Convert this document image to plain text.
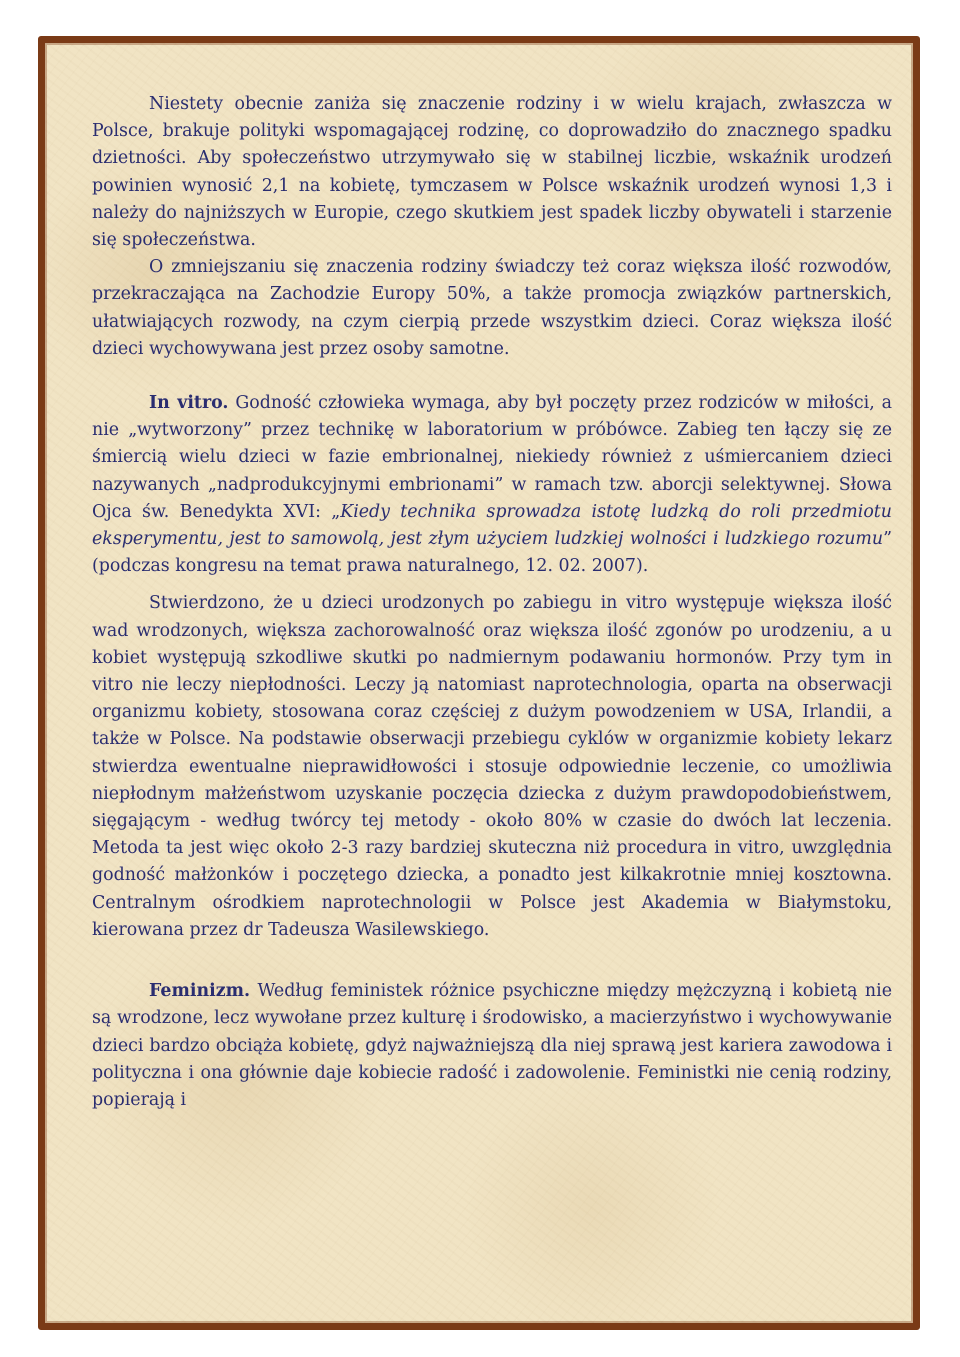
Niestety obecnie zaniża się znaczenie rodziny i w wielu krajach, zwłaszcza w Polsce, brakuje polityki wspomagającej rodzinę, co doprowadziło do znacznego spadku dzietności. Aby społeczeństwo utrzymywało się w stabilnej liczbie, wskaźnik urodzeń powinien wynosić 2,1 na kobietę, tymczasem w Polsce wskaźnik urodzeń wynosi 1,3 i należy do najniższych w Europie, czego skutkiem jest spadek liczby obywateli i starzenie się społeczeństwa.

O zmniejszaniu się znaczenia rodziny świadczy też coraz większa ilość rozwodów, przekraczająca na Zachodzie Europy 50%, a także promocja związków partnerskich, ułatwiających rozwody, na czym cierpią przede wszystkim dzieci. Coraz większa ilość dzieci wychowywana jest przez osoby samotne.

In vitro. Godność człowieka wymaga, aby był poczęty przez rodziców w miłości, a nie „wytworzony” przez technikę w laboratorium w próbówce. Zabieg ten łączy się ze śmiercią wielu dzieci w fazie embrionalnej, niekiedy również z uśmiercaniem dzieci nazywanych „nadprodukcyjnymi embrionami” w ramach tzw. aborcji selektywnej. Słowa Ojca św. Benedykta XVI: „Kiedy technika sprowadza istotę ludzką do roli przedmiotu eksperymentu, jest to samowolą, jest złym użyciem ludzkiej wolności i ludzkiego rozumu” (podczas kongresu na temat prawa naturalnego, 12. 02. 2007).

Stwierdzono, że u dzieci urodzonych po zabiegu in vitro występuje większa ilość wad wrodzonych, większa zachorowalność oraz większa ilość zgonów po urodzeniu, a u kobiet występują szkodliwe skutki po nadmiernym podawaniu hormonów. Przy tym in vitro nie leczy niepłodności. Leczy ją natomiast naprotechnologia, oparta na obserwacji organizmu kobiety, stosowana coraz częściej z dużym powodzeniem w USA, Irlandii, a także w Polsce. Na podstawie obserwacji przebiegu cyklów w organizmie kobiety lekarz stwierdza ewentualne nieprawidłowości i stosuje odpowiednie leczenie, co umożliwia niepłodnym małżeństwom uzyskanie poczęcia dziecka z dużym prawdopodobieństwem, sięgającym - według twórcy tej metody - około 80% w czasie do dwóch lat leczenia. Metoda ta jest więc około 2-3 razy bardziej skuteczna niż procedura in vitro, uwzględnia godność małżonków i poczętego dziecka, a ponadto jest kilkakrotnie mniej kosztowna. Centralnym ośrodkiem naprotechnologii w Polsce jest Akademia w Białymstoku, kierowana przez dr Tadeusza Wasilewskiego.

Feminizm. Według feministek różnice psychiczne między mężczyzną i kobietą nie są wrodzone, lecz wywołane przez kulturę i środowisko, a macierzyństwo i wychowywanie dzieci bardzo obciąża kobietę, gdyż najważniejszą dla niej sprawą jest kariera zawodowa i polityczna i ona głównie daje kobiecie radość i zadowolenie. Feministki nie cenią rodziny, popierają i
